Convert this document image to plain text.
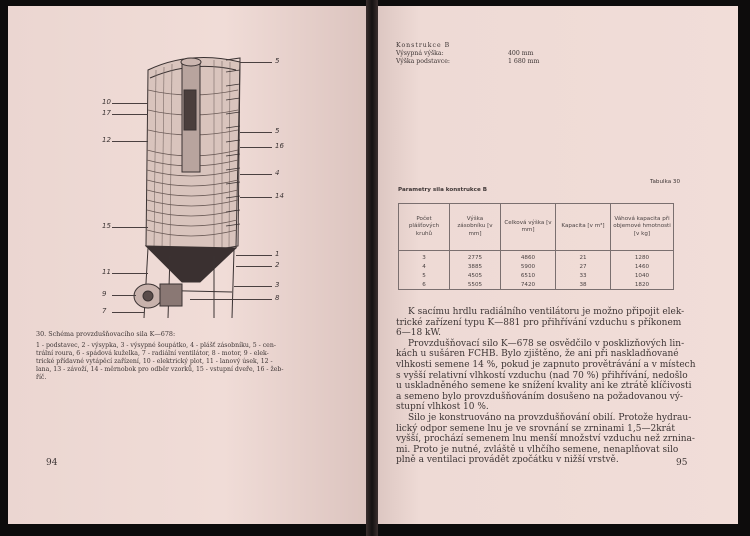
10
17
12
15
11
9
7
5
5
16
4
14
1
2
3
8
30. Schéma provzdušňovacího sila K—678:
1 - podstavec, 2 - výsypka, 3 - výsypné šoupátko, 4 - plášť zásobníku, 5 - cen-
trální roura, 6 - spádová kuželka, 7 - radiální ventilátor, 8 - motor, 9 - elek-
trické přídavné vytápěcí zařízení, 10 - elektrický plot, 11 - lanový úsek, 12 -
lana, 13 - závoží, 14 - měrnobok pro odběr vzorků, 15 - vstupní dveře, 16 - žeb-
říč.
94
Konstrukce B
Výsypná výška:	400 mm
Výška podstavce:	1 680 mm
Parametry sila konstrukce B
Tabulka 30
Počet plášťových kruhů	Výška zásobníku [v mm]	Celková výška [v mm]	Kapacita [v m³]	Váhová kapacita při objemové hmotnosti [v kg]
3	2775	4860	21	1280
4	3885	5900	27	1460
5	4505	6510	33	1040
6	5505	7420	38	1820
K sacímu hrdlu radiálního ventilátoru je možno připojit elek-
trické zařízení typu K—881 pro přihřívání vzduchu s příkonem
6—18 kW.
Provzdušňovací silo K—678 se osvědčilo v posklizňových lin-
kách u sušáren FCHB. Bylo zjištěno, že ani při naskladňované
vlhkosti semene 14 %, pokud je zapnuto provětrávání a v místech
s vyšší relativní vlhkostí vzduchu (nad 70 %) přihřívání, nedošlo
u uskladněného semene ke snížení kvality ani ke ztrátě klíčivosti
a semeno bylo provzdušňováním dosušeno na požadovanou vý-
stupní vlhkost 10 %.
Silo je konstruováno na provzdušňování obilí. Protože hydrau-
lický odpor semene lnu je ve srovnání se zrninami 1,5—2krát
vyšší, prochází semenem lnu menší množství vzduchu než zrnina-
mi. Proto je nutné, zvláště u vlhčího semene, nenaplňovat silo
plně a ventilaci provádět zpočátku v nižší vrstvě.	95
